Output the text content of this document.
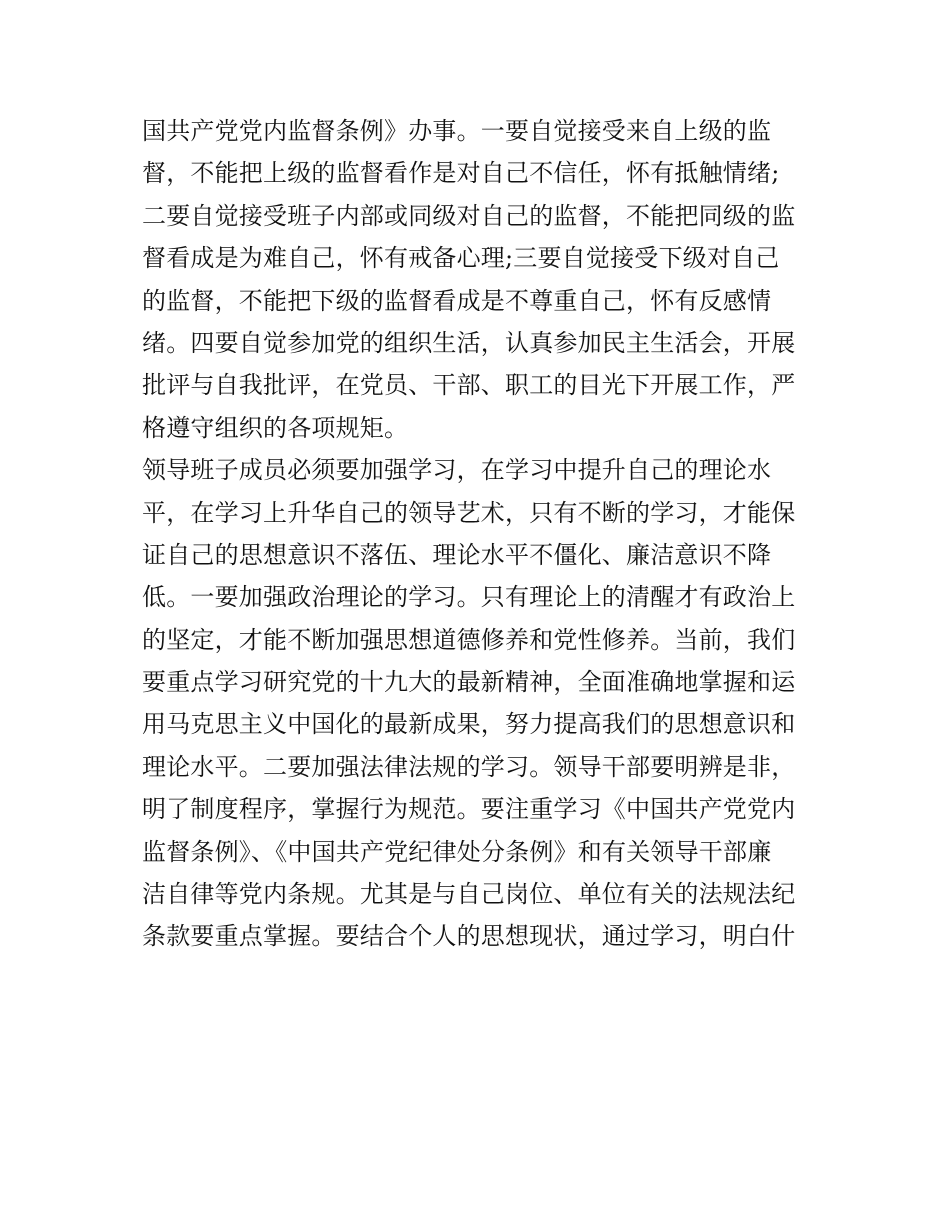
国共产党党内监督条例》办事。一要自觉接受来自上级的监
督，不能把上级的监督看作是对自己不信任，怀有抵触情绪;
二要自觉接受班子内部或同级对自己的监督，不能把同级的监
督看成是为难自己，怀有戒备心理;三要自觉接受下级对自己
的监督，不能把下级的监督看成是不尊重自己，怀有反感情
绪。四要自觉参加党的组织生活，认真参加民主生活会，开展
批评与自我批评，在党员、干部、职工的目光下开展工作，严
格遵守组织的各项规矩。
领导班子成员必须要加强学习，在学习中提升自己的理论水
平，在学习上升华自己的领导艺术，只有不断的学习，才能保
证自己的思想意识不落伍、理论水平不僵化、廉洁意识不降
低。一要加强政治理论的学习。只有理论上的清醒才有政治上
的坚定，才能不断加强思想道德修养和党性修养。当前，我们
要重点学习研究党的十九大的最新精神，全面准确地掌握和运
用马克思主义中国化的最新成果，努力提高我们的思想意识和
理论水平。二要加强法律法规的学习。领导干部要明辨是非，
明了制度程序，掌握行为规范。要注重学习《中国共产党党内
监督条例》、《中国共产党纪律处分条例》和有关领导干部廉
洁自律等党内条规。尤其是与自己岗位、单位有关的法规法纪
条款要重点掌握。要结合个人的思想现状，通过学习，明白什
